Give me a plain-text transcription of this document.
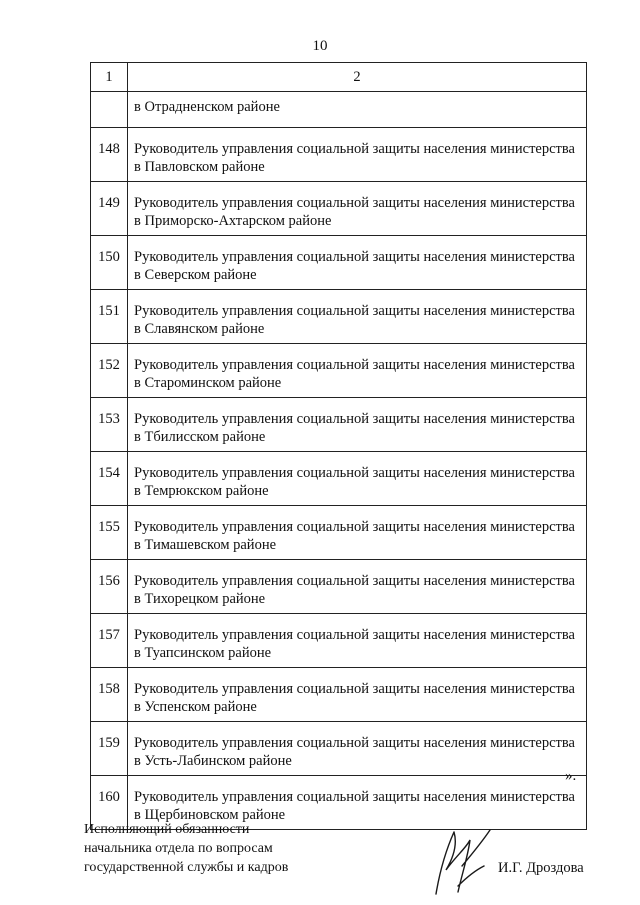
10
1	2
	в Отрадненском районе
148	Руководитель управления социальной защиты населения министерства
в Павловском районе

149	Руководитель управления социальной защиты населения министерства
в Приморско-Ахтарском районе

150	Руководитель управления социальной защиты населения министерства
в Северском районе

151	Руководитель управления социальной защиты населения министерства
в Славянском районе

152	Руководитель управления социальной защиты населения министерства
в Староминском районе

153	Руководитель управления социальной защиты населения министерства
в Тбилисском районе

154	Руководитель управления социальной защиты населения министерства
в Темрюкском районе

155	Руководитель управления социальной защиты населения министерства
в Тимашевском районе

156	Руководитель управления социальной защиты населения министерства
в Тихорецком районе

157	Руководитель управления социальной защиты населения министерства
в Туапсинском районе

158	Руководитель управления социальной защиты населения министерства
в Успенском районе

159	Руководитель управления социальной защиты населения министерства
в Усть-Лабинском районе

160	Руководитель управления социальной защиты населения министерства
в Щербиновском районе
».
Исполняющий обязанности
начальника отдела по вопросам
государственной службы и кадров	И.Г. Дроздова
